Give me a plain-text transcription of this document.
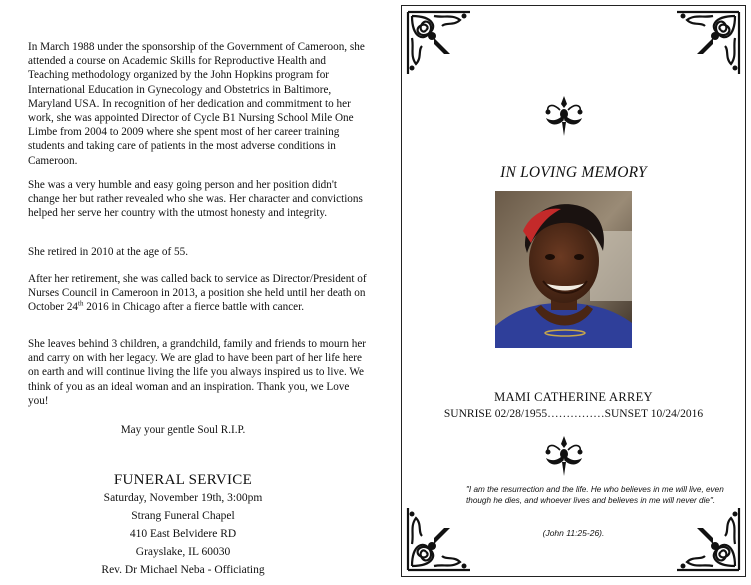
In March 1988 under the sponsorship of the Government of Cameroon, she attended a course on Academic Skills for Reproductive Health and Teaching methodology organized by the John Hopkins program for International Education in Gynecology and Obstetrics in Baltimore, Maryland USA. In recognition of her dedication and commitment to her work, she was appointed Director of Cycle B1 Nursing School Mile One Limbe from 2004 to 2009 where she spent most of her career training students and taking care of patients in the most adverse conditions in Cameroon.

She was a very humble and easy going person and her position didn't change her but rather revealed who she was. Her character and convictions helped her serve her country with the utmost honesty and integrity.

She retired in 2010 at the age of 55.

After her retirement, she was called back to service as Director/President of Nurses Council in Cameroon in 2013, a position she held until her death on October 24th 2016 in Chicago after a fierce battle with cancer.

She leaves behind 3 children, a grandchild, family and friends to mourn her and carry on with her legacy. We are glad to have been part of her life here on earth and will continue living the life you always inspired us to live. We think of you as an ideal woman and an inspiration. Thank you, we Love you!

May your gentle Soul R.I.P.

FUNERAL SERVICE
Saturday, November 19th, 3:00pm
Strang Funeral Chapel
410 East Belvidere RD
Grayslake, IL 60030
Rev. Dr Michael Neba - Officiating
IN LOVING MEMORY
MAMI CATHERINE ARREY
SUNRISE 02/28/1955……………SUNSET 10/24/2016
"I am the resurrection and the life. He who believes in me will live, even though he dies, and whoever lives and believes in me will never die".
(John 11:25-26).
